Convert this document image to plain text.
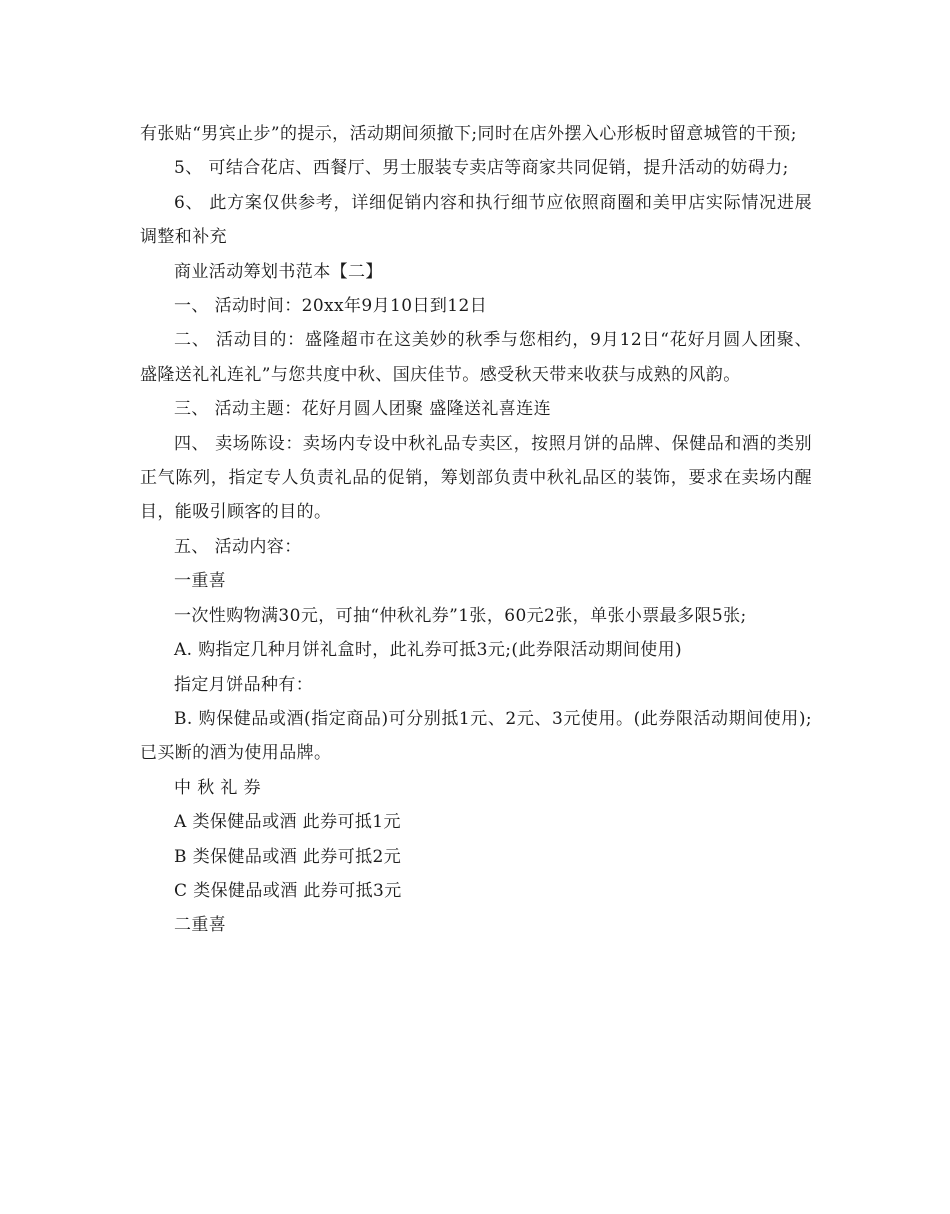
有张贴“男宾止步”的提示，活动期间须撤下;同时在店外摆入心形板时留意城管的干预;

5、 可结合花店、西餐厅、男士服装专卖店等商家共同促销，提升活动的妨碍力;

6、 此方案仅供参考，详细促销内容和执行细节应依照商圈和美甲店实际情况进展调整和补充

商业活动筹划书范本【二】

一、 活动时间：20xx年9月10日到12日

二、 活动目的：盛隆超市在这美妙的秋季与您相约，9月12日“花好月圆人团聚、盛隆送礼礼连礼”与您共度中秋、国庆佳节。感受秋天带来收获与成熟的风韵。

三、 活动主题：花好月圆人团聚 盛隆送礼喜连连

四、 卖场陈设：卖场内专设中秋礼品专卖区，按照月饼的品牌、保健品和酒的类别正气陈列，指定专人负责礼品的促销，筹划部负责中秋礼品区的装饰，要求在卖场内醒目，能吸引顾客的目的。

五、 活动内容：

一重喜

一次性购物满30元，可抽“仲秋礼券”1张，60元2张，单张小票最多限5张;

A. 购指定几种月饼礼盒时，此礼券可抵3元;(此券限活动期间使用)

指定月饼品种有：

B. 购保健品或酒(指定商品)可分别抵1元、2元、3元使用。(此券限活动期间使用); 已买断的酒为使用品牌。

中 秋 礼 券

A 类保健品或酒 此券可抵1元

B 类保健品或酒 此券可抵2元

C 类保健品或酒 此券可抵3元

二重喜
